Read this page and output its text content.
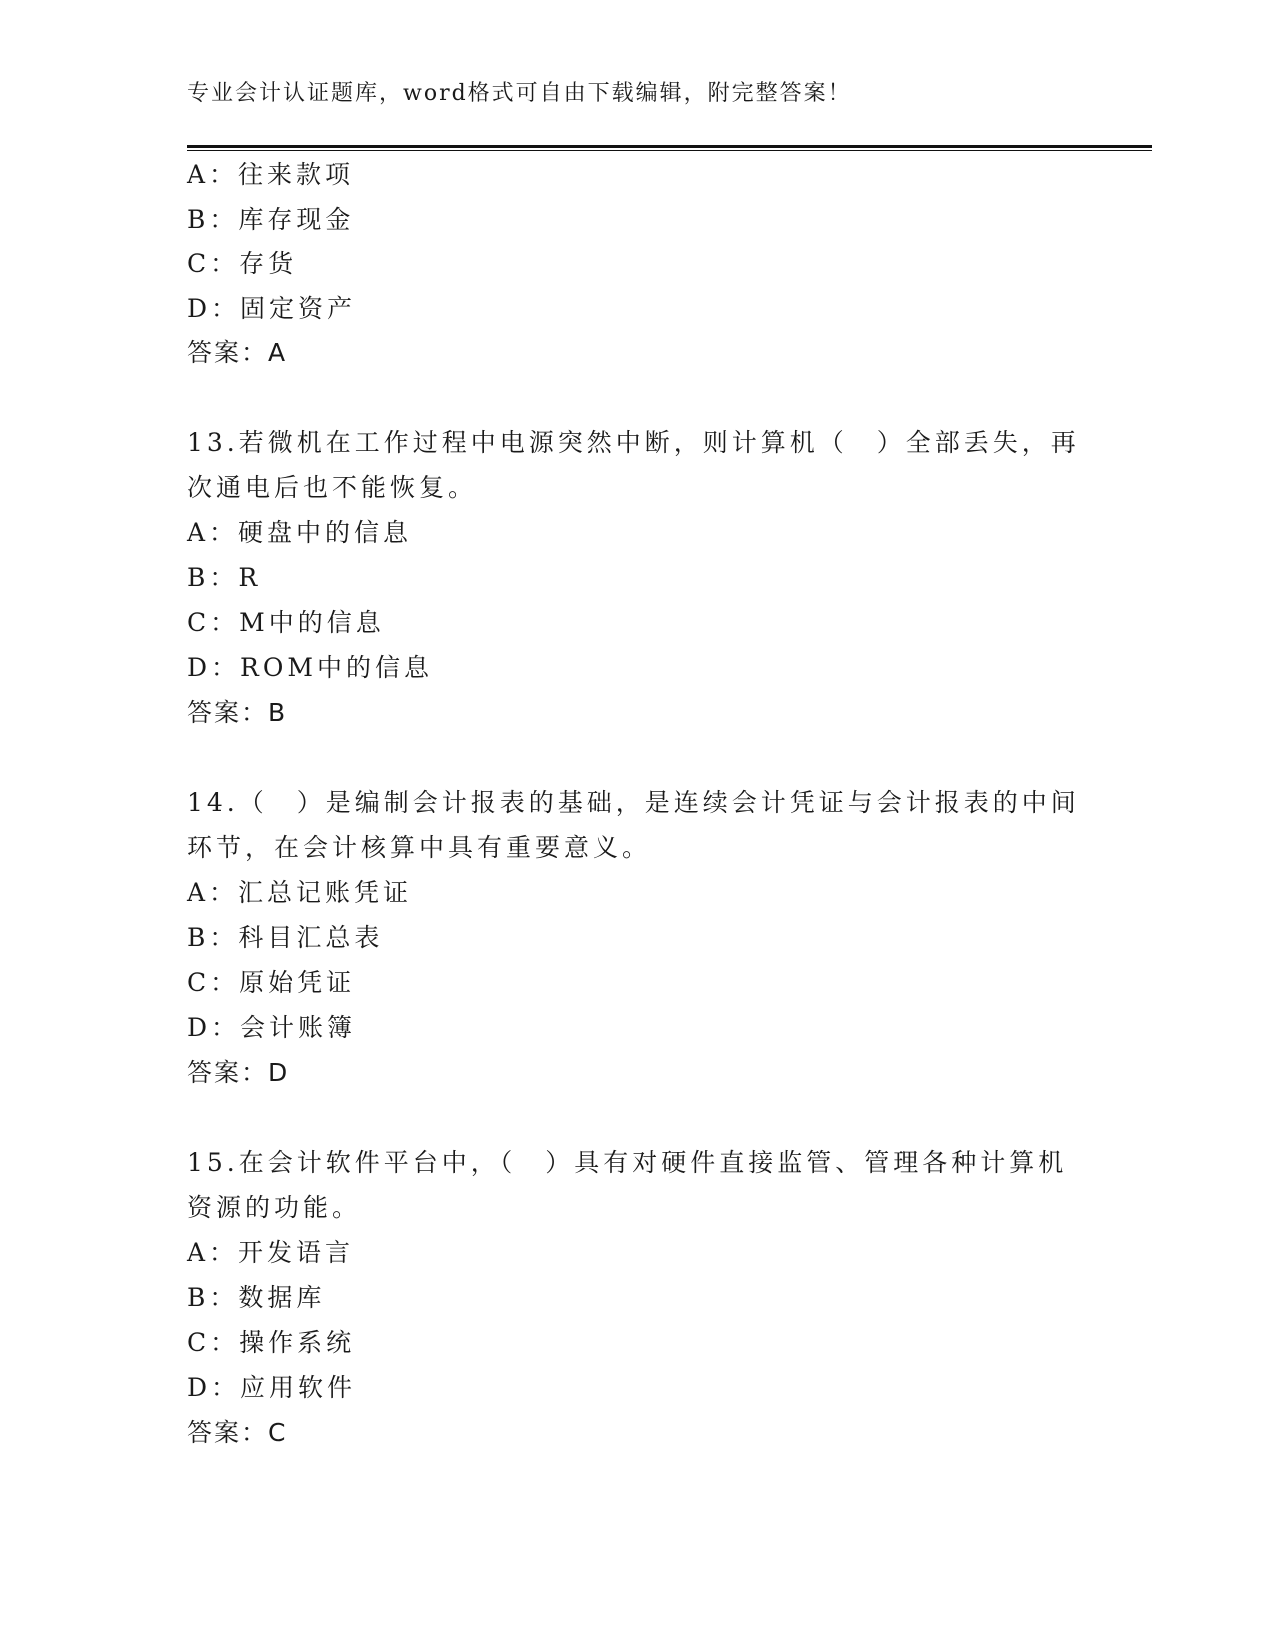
专业会计认证题库，word格式可自由下载编辑，附完整答案！
A：往来款项
B：库存现金
C：存货
D：固定资产
答案：A
13.若微机在工作过程中电源突然中断，则计算机（　）全部丢失，再
次通电后也不能恢复。
A：硬盘中的信息
B：R
C：M中的信息
D：ROM中的信息
答案：B
14.（　）是编制会计报表的基础，是连续会计凭证与会计报表的中间
环节，在会计核算中具有重要意义。
A：汇总记账凭证
B：科目汇总表
C：原始凭证
D：会计账簿
答案：D
15.在会计软件平台中，（　）具有对硬件直接监管、管理各种计算机
资源的功能。
A：开发语言
B：数据库
C：操作系统
D：应用软件
答案：C
